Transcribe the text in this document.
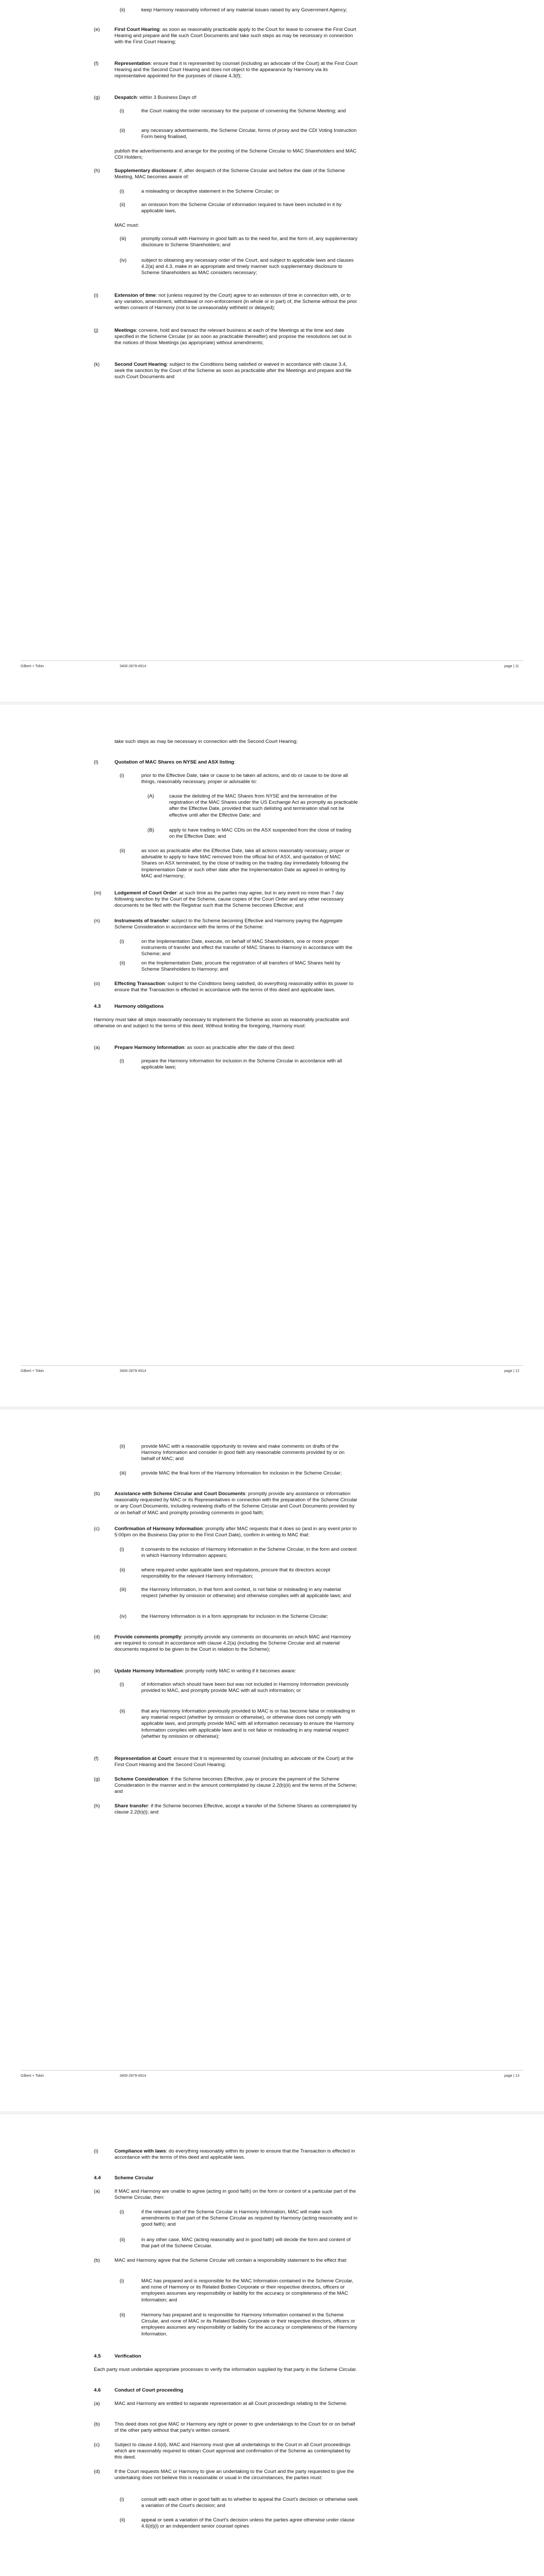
(ii)	keep Harmony reasonably informed of any material issues raised by any Government Agency;
(e)	First Court Hearing: as soon as reasonably practicable apply to the Court for leave to convene the First Court Hearing and prepare and file such Court Documents and take such steps as may be necessary in connection with the First Court Hearing;
(f)	Representation: ensure that it is represented by counsel (including an advocate of the Court) at the First Court Hearing and the Second Court Hearing and does not object to the appearance by Harmony via its representative appointed for the purposes of clause 4.3(f);
(g)	Despatch: within 3 Business Days of:
(i)	the Court making the order necessary for the purpose of convening the Scheme Meeting; and
(ii)	any necessary advertisements, the Scheme Circular, forms of proxy and the CDI Voting Instruction Form being finalised,
publish the advertisements and arrange for the posting of the Scheme Circular to MAC Shareholders and MAC CDI Holders;
(h)	Supplementary disclosure: if, after despatch of the Scheme Circular and before the date of the Scheme Meeting, MAC becomes aware of:
(i)	a misleading or deceptive statement in the Scheme Circular; or
(ii)	an omission from the Scheme Circular of information required to have been included in it by applicable laws,
MAC must:
(iii)	promptly consult with Harmony in good faith as to the need for, and the form of, any supplementary disclosure to Scheme Shareholders; and
(iv)	subject to obtaining any necessary order of the Court, and subject to applicable laws and clauses 4.2(a) and 4.3, make in an appropriate and timely manner such supplementary disclosure to Scheme Shareholders as MAC considers necessary;
(i)	Extension of time: not (unless required by the Court) agree to an extension of time in connection with, or to any variation, amendment, withdrawal or non-enforcement (in whole or in part) of, the Scheme without the prior written consent of Harmony (not to be unreasonably withheld or delayed);
(j)	Meetings: convene, hold and transact the relevant business at each of the Meetings at the time and date specified in the Scheme Circular (or as soon as practicable thereafter) and propose the resolutions set out in the notices of those Meetings (as appropriate) without amendments;
(k)	Second Court Hearing: subject to the Conditions being satisfied or waived in accordance with clause 3.4, seek the sanction by the Court of the Scheme as soon as practicable after the Meetings and prepare and file such Court Documents and
Gilbert + Tobin	3400-2879-4914	page | 11
take such steps as may be necessary in connection with the Second Court Hearing;
(l)	Quotation of MAC Shares on NYSE and ASX listing:
(i)	prior to the Effective Date, take or cause to be taken all actions, and do or cause to be done all things, reasonably necessary, proper or advisable to:
(A)	cause the delisting of the MAC Shares from NYSE and the termination of the registration of the MAC Shares under the US Exchange Act as promptly as practicable after the Effective Date, provided that such delisting and termination shall not be effective until after the Effective Date; and
(B)	apply to have trading in MAC CDIs on the ASX suspended from the close of trading on the Effective Date; and
(ii)	as soon as practicable after the Effective Date, take all actions reasonably necessary, proper or advisable to apply to have MAC removed from the official list of ASX, and quotation of MAC Shares on ASX terminated, by the close of trading on the trading day immediately following the Implementation Date or such other date after the Implementation Date as agreed in writing by MAC and Harmony;
(m)	Lodgement of Court Order: at such time as the parties may agree, but in any event no more than 7 day following sanction by the Court of the Scheme, cause copies of the Court Order and any other necessary documents to be filed with the Registrar such that the Scheme becomes Effective; and
(n)	Instruments of transfer: subject to the Scheme becoming Effective and Harmony paying the Aggregate Scheme Consideration in accordance with the terms of the Scheme:
(i)	on the Implementation Date, execute, on behalf of MAC Shareholders, one or more proper instruments of transfer and effect the transfer of MAC Shares to Harmony in accordance with the Scheme; and
(ii)	on the Implementation Date, procure the registration of all transfers of MAC Shares held by Scheme Shareholders to Harmony; and
(o)	Effecting Transaction: subject to the Conditions being satisfied, do everything reasonably within its power to ensure that the Transaction is effected in accordance with the terms of this deed and applicable laws.
4.3	Harmony obligations
Harmony must take all steps reasonably necessary to implement the Scheme as soon as reasonably practicable and otherwise on and subject to the terms of this deed. Without limiting the foregoing, Harmony must:
(a)	Prepare Harmony Information: as soon as practicable after the date of this deed:
(i)	prepare the Harmony Information for inclusion in the Scheme Circular in accordance with all applicable laws;
Gilbert + Tobin	3400-2879-4914	page | 12
(ii)	provide MAC with a reasonable opportunity to review and make comments on drafts of the Harmony Information and consider in good faith any reasonable comments provided by or on behalf of MAC; and
(iii)	provide MAC the final form of the Harmony Information for inclusion in the Scheme Circular;
(b)	Assistance with Scheme Circular and Court Documents: promptly provide any assistance or information reasonably requested by MAC or its Representatives in connection with the preparation of the Scheme Circular or any Court Documents, including reviewing drafts of the Scheme Circular and Court Documents provided by or on behalf of MAC and promptly providing comments in good faith;
(c)	Confirmation of Harmony Information: promptly after MAC requests that it does so (and in any event prior to 5:00pm on the Business Day prior to the First Court Date), confirm in writing to MAC that:
(i)	it consents to the inclusion of Harmony Information in the Scheme Circular, in the form and context in which Harmony Information appears;
(ii)	where required under applicable laws and regulations, procure that its directors accept responsibility for the relevant Harmony Information;
(iii)	the Harmony Information, in that form and context, is not false or misleading in any material respect (whether by omission or otherwise) and otherwise complies with all applicable laws; and
(iv)	the Harmony Information is in a form appropriate for inclusion in the Scheme Circular;
(d)	Provide comments promptly: promptly provide any comments on documents on which MAC and Harmony are required to consult in accordance with clause 4.2(a) (including the Scheme Circular and all material documents required to be given to the Court in relation to the Scheme);
(e)	Update Harmony Information: promptly notify MAC in writing if it becomes aware:
(i)	of information which should have been but was not included in Harmony Information previously provided to MAC, and promptly provide MAC with all such information; or
(ii)	that any Harmony Information previously provided to MAC is or has become false or misleading in any material respect (whether by omission or otherwise), or otherwise does not comply with applicable laws, and promptly provide MAC with all information necessary to ensure the Harmony Information complies with applicable laws and is not false or misleading in any material respect (whether by omission or otherwise);
(f)	Representation at Court: ensure that it is represented by counsel (including an advocate of the Court) at the First Court Hearing and the Second Court Hearing;
(g)	Scheme Consideration: if the Scheme becomes Effective, pay or procure the payment of the Scheme Consideration in the manner and in the amount contemplated by clause 2.2(b)(ii) and the terms of the Scheme; and
(h)	Share transfer: if the Scheme becomes Effective, accept a transfer of the Scheme Shares as contemplated by clause 2.2(b)(i); and
Gilbert + Tobin	3400-2879-4914	page | 13
(i)	Compliance with laws: do everything reasonably within its power to ensure that the Transaction is effected in accordance with the terms of this deed and applicable laws.
4.4	Scheme Circular
(a)	If MAC and Harmony are unable to agree (acting in good faith) on the form or content of a particular part of the Scheme Circular, then:
(i)	if the relevant part of the Scheme Circular is Harmony Information, MAC will make such amendments to that part of the Scheme Circular as required by Harmony (acting reasonably and in good faith); and
(ii)	in any other case, MAC (acting reasonably and in good faith) will decide the form and content of that part of the Scheme Circular.
(b)	MAC and Harmony agree that the Scheme Circular will contain a responsibility statement to the effect that:
(i)	MAC has prepared and is responsible for the MAC Information contained in the Scheme Circular, and none of Harmony or its Related Bodies Corporate or their respective directors, officers or employees assumes any responsibility or liability for the accuracy or completeness of the MAC Information; and
(ii)	Harmony has prepared and is responsible for Harmony Information contained in the Scheme Circular, and none of MAC or its Related Bodies Corporate or their respective directors, officers or employees assumes any responsibility or liability for the accuracy or completeness of the Harmony Information.
4.5	Verification
Each party must undertake appropriate processes to verify the information supplied by that party in the Scheme Circular.
4.6	Conduct of Court proceeding
(a)	MAC and Harmony are entitled to separate representation at all Court proceedings relating to the Scheme.
(b)	This deed does not give MAC or Harmony any right or power to give undertakings to the Court for or on behalf of the other party without that party's written consent.
(c)	Subject to clause 4.6(d), MAC and Harmony must give all undertakings to the Court in all Court proceedings which are reasonably required to obtain Court approval and confirmation of the Scheme as contemplated by this deed.
(d)	If the Court requests MAC or Harmony to give an undertaking to the Court and the party requested to give the undertaking does not believe this is reasonable or usual in the circumstances, the parties must:
(i)	consult with each other in good faith as to whether to appeal the Court's decision or otherwise seek a variation of the Court's decision; and
(ii)	appeal or seek a variation of the Court's decision unless the parties agree otherwise under clause 4.6(d)(i) or an independent senior counsel opines
